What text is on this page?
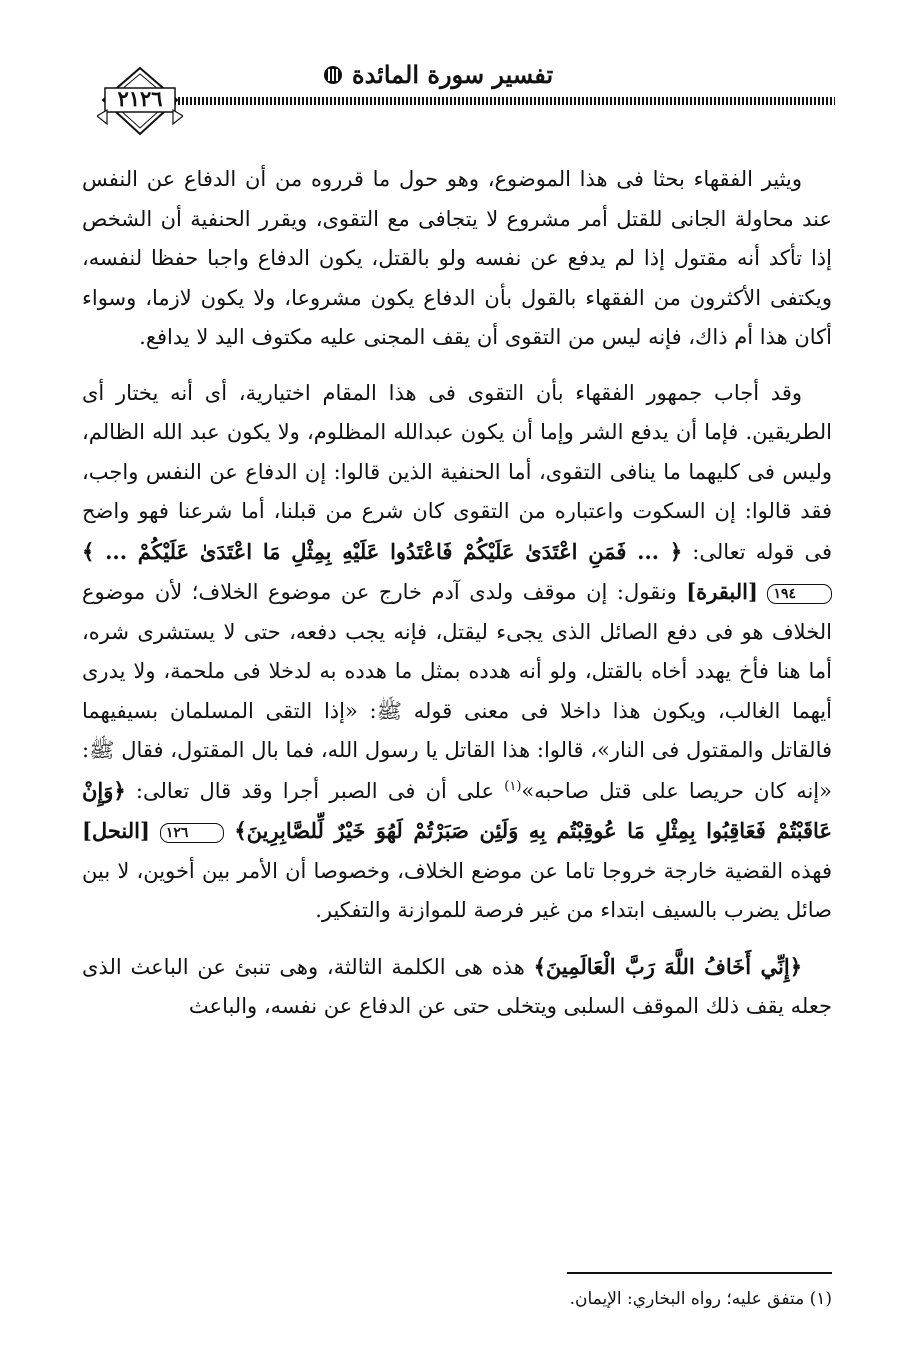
٢١٢٦
تفسير سورة المائدة

ويثير الفقهاء بحثا فى هذا الموضوع، وهو حول ما قرروه من أن الدفاع عن النفس عند محاولة الجانى للقتل أمر مشروع لا يتجافى مع التقوى، ويقرر الحنفية أن الشخص إذا تأكد أنه مقتول إذا لم يدفع عن نفسه ولو بالقتل، يكون الدفاع واجبا حفظا لنفسه، ويكتفى الأكثرون من الفقهاء بالقول بأن الدفاع يكون مشروعا، ولا يكون لازما، وسواء أكان هذا أم ذاك، فإنه ليس من التقوى أن يقف المجنى عليه مكتوف اليد لا يدافع.

وقد أجاب جمهور الفقهاء بأن التقوى فى هذا المقام اختيارية، أى أنه يختار أى الطريقين. فإما أن يدفع الشر وإما أن يكون عبدالله المظلوم، ولا يكون عبد الله الظالم، وليس فى كليهما ما ينافى التقوى، أما الحنفية الذين قالوا: إن الدفاع عن النفس واجب، فقد قالوا: إن السكوت واعتباره من التقوى كان شرع من قبلنا، أما شرعنا فهو واضح فى قوله تعالى: ﴿ ... فَمَنِ اعْتَدَىٰ عَلَيْكُمْ فَاعْتَدُوا عَلَيْهِ بِمِثْلِ مَا اعْتَدَىٰ عَلَيْكُمْ ... ﴾ ١٩٤ [البقرة] ونقول: إن موقف ولدى آدم خارج عن موضوع الخلاف؛ لأن موضوع الخلاف هو فى دفع الصائل الذى يجىء ليقتل، فإنه يجب دفعه، حتى لا يستشرى شره، أما هنا فأخ يهدد أخاه بالقتل، ولو أنه هدده بمثل ما هدده به لدخلا فى ملحمة، ولا يدرى أيهما الغالب، ويكون هذا داخلا فى معنى قوله ﷺ: «إذا التقى المسلمان بسيفيهما فالقاتل والمقتول فى النار»، قالوا: هذا القاتل يا رسول الله، فما بال المقتول، فقال ﷺ: «إنه كان حريصا على قتل صاحبه»$^{(١)}$ على أن فى الصبر أجرا وقد قال تعالى: ﴿وَإِنْ عَاقَبْتُمْ فَعَاقِبُوا بِمِثْلِ مَا عُوقِبْتُم بِهِ وَلَئِن صَبَرْتُمْ لَهُوَ خَيْرٌ لِّلصَّابِرِينَ﴾ ١٢٦ [النحل] فهذه القضية خارجة خروجا تاما عن موضع الخلاف، وخصوصا أن الأمر بين أخوين، لا بين صائل يضرب بالسيف ابتداء من غير فرصة للموازنة والتفكير.

﴿إِنِّي أَخَافُ اللَّهَ رَبَّ الْعَالَمِينَ﴾ هذه هى الكلمة الثالثة، وهى تنبئ عن الباعث الذى جعله يقف ذلك الموقف السلبى ويتخلى حتى عن الدفاع عن نفسه، والباعث

(١) متفق عليه؛ رواه البخاري: الإيمان.
